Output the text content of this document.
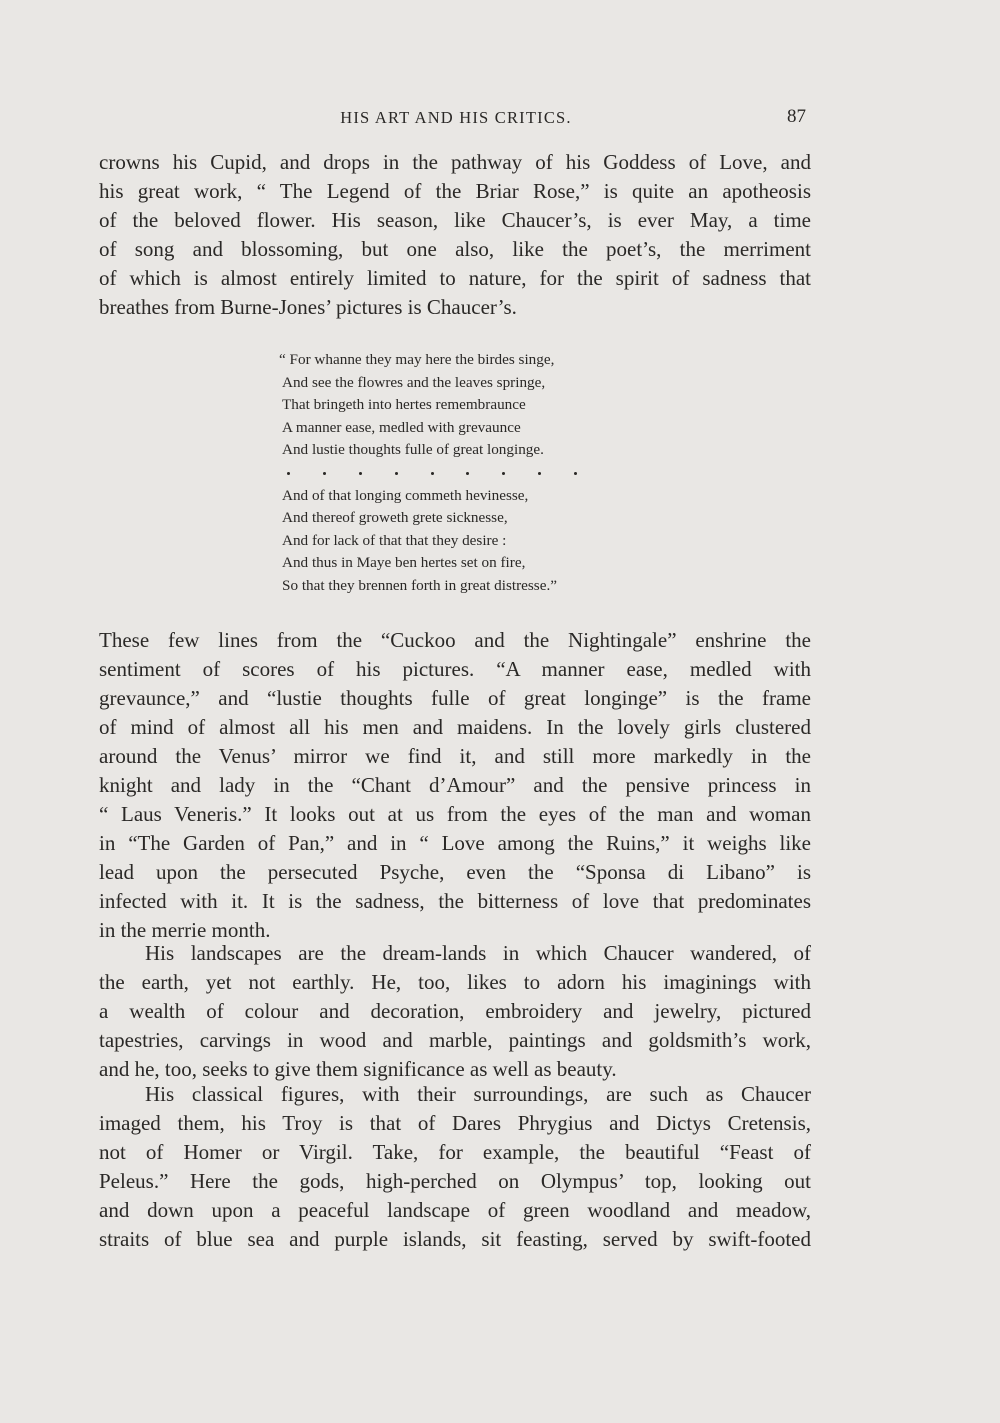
HIS ART AND HIS CRITICS.	87
crowns his Cupid, and drops in the pathway of his Goddess of Love, and
his great work, “ The Legend of the Briar Rose,” is quite an apotheosis
of the beloved flower. His season, like Chaucer’s, is ever May, a time
of song and blossoming, but one also, like the poet’s, the merriment
of which is almost entirely limited to nature, for the spirit of sadness that
breathes from Burne-Jones’ pictures is Chaucer’s.
“ For whanne they may here the birdes singe,
And see the flowres and the leaves springe,
That bringeth into hertes remembraunce
A manner ease, medled with grevaunce
And lustie thoughts fulle of great longinge.
And of that longing commeth hevinesse,
And thereof groweth grete sicknesse,
And for lack of that that they desire :
And thus in Maye ben hertes set on fire,
So that they brennen forth in great distresse.”
These few lines from the “Cuckoo and the Nightingale” enshrine the
sentiment of scores of his pictures. “A manner ease, medled with
grevaunce,” and “lustie thoughts fulle of great longinge” is the frame
of mind of almost all his men and maidens. In the lovely girls clustered
around the Venus’ mirror we find it, and still more markedly in the
knight and lady in the “Chant d’Amour” and the pensive princess in
“ Laus Veneris.” It looks out at us from the eyes of the man and woman
in “The Garden of Pan,” and in “ Love among the Ruins,” it weighs like
lead upon the persecuted Psyche, even the “Sponsa di Libano” is
infected with it. It is the sadness, the bitterness of love that predominates
in the merrie month.
His landscapes are the dream-lands in which Chaucer wandered, of
the earth, yet not earthly. He, too, likes to adorn his imaginings with
a wealth of colour and decoration, embroidery and jewelry, pictured
tapestries, carvings in wood and marble, paintings and goldsmith’s work,
and he, too, seeks to give them significance as well as beauty.
His classical figures, with their surroundings, are such as Chaucer
imaged them, his Troy is that of Dares Phrygius and Dictys Cretensis,
not of Homer or Virgil. Take, for example, the beautiful “Feast of
Peleus.” Here the gods, high-perched on Olympus’ top, looking out
and down upon a peaceful landscape of green woodland and meadow,
straits of blue sea and purple islands, sit feasting, served by swift-footed
